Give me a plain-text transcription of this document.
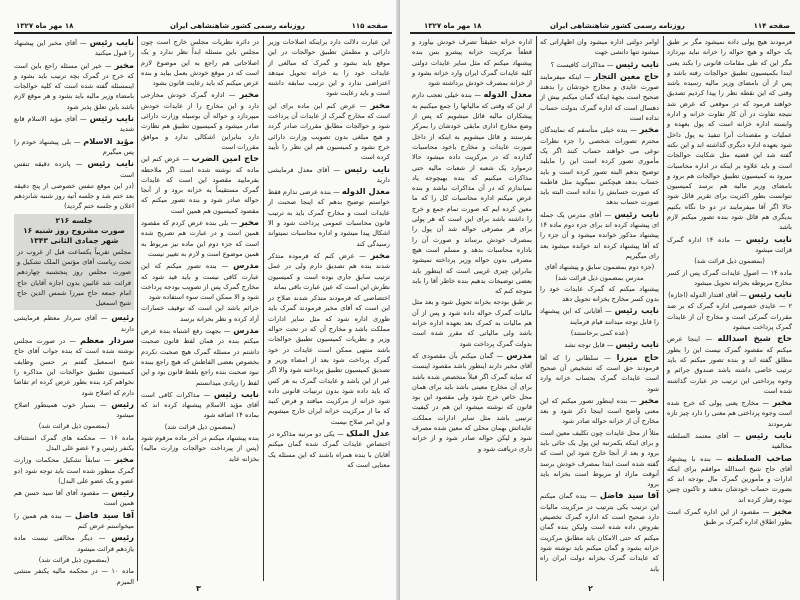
صفحه ۱۱۵
روزنامه رسمی کشور شاهنشاهی ایران
۱۸ مهر ماه ۱۳۲۷

این عبارت دلالت دارد براینکه اصلاحات وزیر دارائی و مطمئن تطبیق حوالجات در این موقع باید بشود و گمرک که مبالغی از عایدات خود را به خزانه تحویل میدهد اعتراضی ندارد و این ترتیب سابقه داشته است و باید رعایت شود

مخبر — عرض کنم این ماده برای این است که مخارج گمرک از عایدات آن پرداخت شود و حوالجات مطابق مقررات صادر گردد و هیچ مبلغی بدون تصویب وزارت دارائی خرج نشود و کمیسیون هم این نظر را تأیید کرده است

نایب رئیس — آقای معدل فرمایشی دارید

معدل الدوله — بنده عرضی ندارم فقط خواستم توضیح بدهم که اینجا صحبت از عایدات است و مخارج گمرک باید به ترتیب قانون محاسبات عمومی پرداخت شود و الا اشکال پیدا میشود و اداره محاسبات نمیتواند رسیدگی کند

مخبر — عرض کنم که فرموده متذکر شدند بنده هم تصدیق دارم ولی در عمل ترتیب سابق جاری بوده است و کمیسیون نظرش این است که عین عبارت باقی بماند

اختصاصی که فرمودند متذکر شدند صلاح در این است که آقای مخبر فرمودند گمرک باید طوری اداره شود که مثل سایر ادارات مملکت باشد و مخارج آن که در تحت حواله وزیر و نظریات کمیسیون تطبیق حوالجات باشد منتهی ممکن است عایدات در خود گمرک پرداخت شود بعد از امضاء وزیر و تصدیق کمیسیون تطبیق پرداخته شود والا اگر غیر از این باشد و عایدات گمرک به هر کس که باید داده شود بدون ترتیبات قانونی داده شود خزانه از مرکزیت میافتد و فرض کنید که ما از مرکزیت خزانه ایران خارج میشویم و این امر صلاح نیست

عدل الملک — یکی دو مرتبه مذاکره در اختصاص عایدات گمرک شده گمان میکنم آقایان با بنده همراه باشند که این مسئله یک معنایی است که

در دائره نظریات مجلس خارج است چون مجلس باین مسئله ابداً نظر ندارد و یک اصلاحاتی هم راجع به این موضوع لازم است که در موقع خودش بعمل بیاید و بنده عرض میکنم که باید رعایت قانون بشود

مخبر — اداره گمرک خودش مخارجی دارد و این مخارج را از عایدات خودش میپردازد و حواله آن بوسیله وزارت دارائی صادر میشود و کمیسیون تطبیق هم نظارت دارد بنابراین اشکالی ندارد و موافق مقررات است

حاج امین الضرب — عرض کنم این ماده که نوشته شده است اگر ملاحظه بفرمایید مقصود این است که عایدات گمرک مستقیماً به خزانه برود و از آنجا حواله صادر شود و بنده تصور میکنم که مقصود کمیسیون هم همین است

مخبر — بلی بنده عرض کردم که مقصود همین است و در عبارت هم تصریح شده است که جزء دوم این ماده نیز مربوط به همین موضوع است و لازم به تغییر نیست

مدرس — بنده تصور میکنم که این عبارت کافی نیست و باید قید شود که مخارج گمرک پس از تصویب بودجه پرداخت شود و الا ممکن است سوء استفاده شود

جرائم باشد این است که توقیف خسارات آزاد کرده و نظر بخزانه برسد

مدرس — بجهت رفع اشتباه بنده عرض میکنم بنده در همان لفظ قانون صحبت داشتم در مسئله گمرک هیچ صحبت نکردم بخصوص بعضی الفاظش که هیچ راجع ببنده نبود صحبت بنده راجع بلفظ قانون بود و این لفظ را زیادی میدانستم

نایب رئیس — مذاکرات کافی است آقای مؤید الاسلام پیشنهاد کرده اند که بماده ۱۴ اضافه شود

(بمضمون ذیل قرائت شد)

بنده پیشنهاد میکنم در آخر ماده مرقوم شود (پس از پیرداخت حوالجات وزارت مالیه) بخزانه عاید

نایب رئیس — آقای مخبر این پیشنهاد را قبول میکنید

مخبر — خیر این مسئله راجع باین است که خرج در گمرک بچه ترتیب باید بشود و اینمسئله گفته شده است که کلیه حوالجات بامضاء وزیر مالیه باید بشود و هر موقع لازم باشد باین تعلق پذیر شود

نایب رئیس — آقای مؤید الاسلام قانع شدید

مؤید الاسلام — بلی پیشنهاد خودم را پس میگیرم

نایب رئیس — پانزده دقیقه تنفس است

(در این موقع تنفس خصوصی از پنج دقیقه بعد ختم شد و جلسه آتیه روز شنبه شانزدهم اعلان و جلسه ختم گردید)

جلسه ۲۱۶
صورت مشروح روز شنبه ۱۶ شهر جمادی الثانی ۱۳۴۳
مجلس تقریباً یکساعت قبل از غروب در تحت ریاست آقای مؤتمن الملک تشکیل و صورت مجلس روز پنجشنبه چهاردهم قرائت شد غائبین بدون اجازه آقایان حاج امام جمعه حاج میرزا شمس الدین حاج شیخ اسمعیل

رئیس — آقای سردار معظم فرمایشی دارند

سردار معظم — در صورت مجلس نوشته شده است که بنده جواب آقای حاج شیخ اسمعیل گفتم بر حسن وظایف کمیسیون تطبیق حوالجات این مذاکره را نخواهم کرد بنده بطور عرض کرده ام تقاضا دارم که اصلاح شود

رئیس — بسیار خوب همینطور اصلاح میشود

(بمضمون ذیل قرائت شد)

ماده ۱۶ — محکمه های گمرک استثناف یکنفر رئیس و ۲ عضو علی البدل

مخبر — سابقاً تشکیل محکمات وزارت گمرک منظور شده است باید توجه شود (دو عضو و یک عضو علی البدل)

رئیس — مقصود آقای آقا سید حسن هم همین است

آقا سید فاضل — بنده هم همین را میخواستم عرض کنم

رئیس — دیگر مخالفی نیست ماده یازدهم قرائت میشود

(بمضمون ذیل قرائت شد)

ماده ۱۰ — در محکمه مالیه یکنفر منشی المیزم

۳
صفحه ۱۱۴
روزنامه رسمی کشور شاهنشاهی ایران
۱۸ مهر ماه ۱۳۲۷

فرمودند هیچ پولی داده نمیشود مگر بر طبق یک حواله و هیچ حواله را خزانه نباید بپردازد مگر این که طی مقامات قانونی را بکند یعنی ابتدا بکمیسیون تطبیق حوالجات رفته باشد و پس از آن بامضای وزیر مالیه رسیده باشد وقتی که این نقطه نظر را پیدا کردیم تصدیق خواهند فرمود که در موقعی که عرض شد نتیجه تفاوت در آن کار تفاوت خزانه و اداره وابسته اداره خزانه است که پول بعهده و عملیات و مقصدات آنرا تنفیذ به پول داخل شود بعهده اداره دیگری گذاشته اند و این نکته گفته شد این قضیه مثل شکایت حوالجات است و باید علاوه بر اینکه در اداره محاسبات میرود به کمیسیون تطبیق حوالجات هم برود و بامضای وزیر مالیه هم برسد کمیسیون نتوانست بطور اکثریت برای تقریر قائل شود حالا اگر آقا میفرمایند در دو جا نگاه بکنیم بدیگری هم قائل شود بنده تصور میکنم لازم باشد

نایب رئیس — ماده ۱۴ اداره گمرک قرائت میشود

(بمضمون ذیل قرائت شد)

ماده ۱۴ — اصول عایدات گمرک پس از کسر مخارج مربوطه بخزانه تحویل میشود

نایب رئیس — آقای اقتدار الدوله (اجازه)

۲ — عایدی خصوصی اداره گمرک که بر ضد مقررات گمرکی است و مخارج آن از عایدات گمرک پرداخت میشود

حاج شیخ اسدالله — اینجا عرض میکنم که مقصود گمرک نیست این را بطور مطلق گفته اند و بنده تصور میکنم که باید ترتیب خاصی داشته باشد صندوق جرائم و وجوه پرداختی این ترتیب جز عبارت گذاشته شده است

مخبر — مخارج یعنی پولی که خرج شده است وجوه پرداختی هم معنی را دارد چیز تازه نفرمودند

نایب رئیس — آقای معتمد السلطنه مخالفید

صاحب السلطنه — بنده با پیشنهاد آقای حاج شیخ اسدالله موافقم برای اینکه ادارات و مأمورین گمرک مال بودجه اند که بصورت حساب خودشان بدهند و تاکنون چنین نبوده رفتار کرده اند

مخبر — مقصود از این اداره گمرک است بطور اطلاق اداره گمرک بر طبق

اوامر دولتی اداره میشود وان اظهاراتی که میشود تنها دانشی جهت

نایب رئیس — مذاکرات کافیست ؟

حاج معین التجار — اینکه میفرمایند صورت عایدی و مخارج خودشان را بدهند صحیح است بجهة اینکه گمان میکنم بیش از دهسال است که اداره گمرک بدولت حساب نداده است

مخبر — بنده خیلی متأسفم که نمایندگان محترم تصورات شخصی را جزء نظرات نوعی می خواهند حساب کنند اگر یک مأموری تصور کرده است این را مایلید توضیح بدهم البته تصور کرده است و باید حساب بدهد هیچکس نمیگوید مثل فاطمه که صورت حسابش را نداده است البته باید صورت حساب بدهد

نایب رئیس — آقای مدرس یک جمله ای پیشنهاد کرده اند برای جزء دوم ماده ۱۴ پیشنهاد مذکور خوانده میشود و آن جزء را که آقا پیشنهاد کرده اند خوانده میشود بعد رای میگیریم

(جزء دوم بمضمون سابق و پیشنهاد آقای مدرس بمضمون ذیل قرائت شد)

پیشنهاد میکنم که گمرک عایدات خود را بدون کسر مخارج بخزانه تحویل دهد

نایب رئیس — آقایانی که این پیشنهاد را قابل توجه میدانند قیام فرمایند

(عده کمی برخاستند)

نایب رئیس — قابل توجه نشد

حاج میرزا — سلطانی را که آقا فرمودند حق است که تشخیص آن صحیح است عایدات گمرک بحساب خزانه وارد شود

مخبر — بنده اینطور تصور میکنم که این معنی واضح است اینجا ذکر شود و بعد مخارج آن از خزانه حواله صادر شود

مثلاً از محل عایدات چون تکلیف معین است و برای اینکه یکمرتبه این پول یک جائی باید برود و بعد از آنجا خارج شود این است که گفته شده است ابتدا بمصرف خودش برسد آنوقت مازاد او مربوط است بخزانه باید برود

آقا سید فاضل — بنده گمان میکنم این ترتیب یکی بترتیب در مرکزیت مالیات دارد صحیح است که اداره گمرک تخصیص بفروض داده شده است ولیکن بنده گمان میکنم که حتی الامکان باید مطابق مرکزیت خزانه بشود و گمان میکنم باید نوشته شود که عایدات گمرک بخزانه دولت ایران راه یابد

اداره خزانه حقیقتاً تصرف خودش بیاورد و قطعاً مرکزیت خزانه پیشرو بس بنده پیشنهاد میکنم که مثل سایر عایدات دولتی کلیه عایدات گمرک ایران وارد خزانه بشود و از خزانه بمصرف خودش برداشته شود

معدل الدوله — بنده خیلی تعجب دارم از این که وقتی که مالیاتها را جمع میکنیم به پیشکاران مالیه قائل میشویم که پس از وضع مخارج اداری مابقی خودشان را بمرکز بفرستند و قائل میشویم به اینکه از داخل صورت عایدات و مخارج باخود محاسبات گذارده که در مرکزیت داده میشود حالا درموارد یک شعبه از شعبات مالیه حتی مذاکرات میکنیم که بنده بهیچوجه یاد نمیاندازم که در آن مذاکرات نباشد و بنده عرض میکنم اداره محاسبات کل را که ما معین کرده ایم که صورت تمام جمع و خرج را داشته باشد برای این است که هر پولی برای هر مصرفی حواله شد آن پول را بمصرف خودش برساند و صورت آن را باداره محاسبات بدهد و مسلم است هیچ مصرفی بدون حواله وزیر پرداخته نمیشود بنابراین چیزی غریبی است که اینطور باید بعضی توضیحات بدهیم بنده خاطر آقا را باید متوجه کنم که

بر طبق بودجه بخزانه تحویل شود و بعد مثل مالیات گمرک حواله داده شود و پس از آن هم مالیات به کمرک بعد بعهده اداره خزانه باشد ولی مالیاتی که مقرر شده است بدولت گمرک پرداخت شود

مدرس — گمان میکنم بآن مقصودی که آقای مخبر دارند اینطور باشد مقصود اینست که سایه گمرک اگر قبلاً متخصص شده باشد برای آن مخارج معینی باشد باید برای همان محل خاص خرج شود ولی مقصود این بود قانون که نوشته میشود این هم در کیفیت ترتیبی باشد مثل سایر ادارات مملکت عایداتش بهمان محلی که معین شده مصرف شود و لیکن حواله صادر شود و از خزانه داری دریافت شود و

۲
